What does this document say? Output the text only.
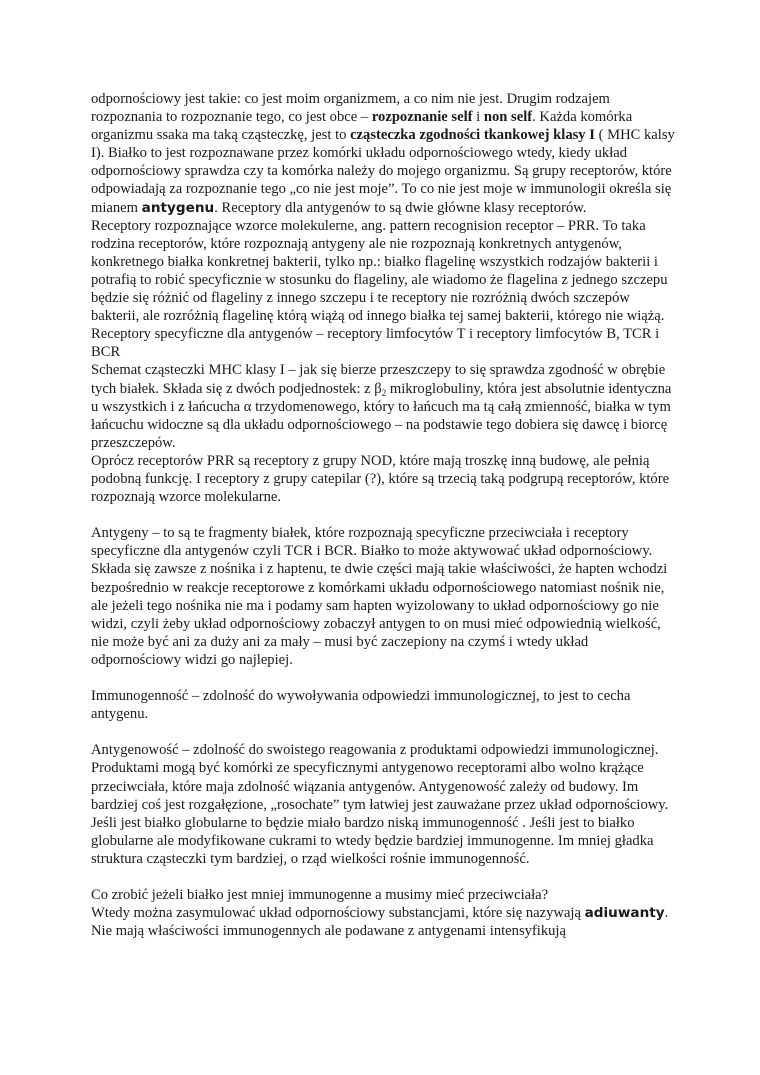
odpornościowy jest takie: co jest moim organizmem, a co nim nie jest. Drugim rodzajem rozpoznania to rozpoznanie tego, co jest obce – rozpoznanie self i non self. Każda komórka organizmu ssaka ma taką cząsteczkę, jest to cząsteczka zgodności tkankowej klasy I ( MHC kalsy I). Białko to jest rozpoznawane przez komórki układu odpornościowego wtedy, kiedy układ odpornościowy sprawdza czy ta komórka należy do mojego organizmu. Są grupy receptorów, które odpowiadają za rozpoznanie tego „co nie jest moje”. To co nie jest moje w immunologii określa się mianem antygenu. Receptory dla antygenów to są dwie główne klasy receptorów.
Receptory rozpoznające wzorce molekulerne, ang. pattern recognision receptor – PRR. To taka rodzina receptorów, które rozpoznają antygeny ale nie rozpoznają konkretnych antygenów, konkretnego białka konkretnej bakterii, tylko np.: białko flagelinę wszystkich rodzajów bakterii i potrafią to robić specyficznie w stosunku do flageliny, ale wiadomo że flagelina z jednego szczepu będzie się różnić od flageliny z innego szczepu i te receptory nie rozróżnią dwóch szczepów bakterii, ale rozróżnią flagelinę którą wiążą od innego białka tej samej bakterii, którego nie wiążą.
Receptory specyficzne dla antygenów – receptory limfocytów T i receptory limfocytów B, TCR i BCR
Schemat cząsteczki MHC klasy I – jak się bierze przeszczepy to się sprawdza zgodność w obrębie tych białek. Składa się z dwóch podjednostek: z $\beta_2$ mikroglobuliny, która jest absolutnie identyczna u wszystkich i z łańcucha α trzydomenowego, który to łańcuch ma tą całą zmienność, białka w tym łańcuchu widoczne są dla układu odpornościowego – na podstawie tego dobiera się dawcę i biorcę przeszczepów.
Oprócz receptorów PRR są receptory z grupy NOD, które mają troszkę inną budowę, ale pełnią podobną funkcję. I receptory z grupy catepilar (?), które są trzecią taką podgrupą receptorów, które rozpoznają wzorce molekularne.
Antygeny – to są te fragmenty białek, które rozpoznają specyficzne przeciwciała i receptory specyficzne dla antygenów czyli TCR i BCR. Białko to może aktywować układ odpornościowy. Składa się zawsze z nośnika i z haptenu, te dwie części mają takie właściwości, że hapten wchodzi bezpośrednio w reakcje receptorowe z komórkami układu odpornościowego natomiast nośnik nie, ale jeżeli tego nośnika nie ma i podamy sam hapten wyizolowany to układ odpornościowy go nie widzi, czyli żeby układ odpornościowy zobaczył antygen to on musi mieć odpowiednią wielkość, nie może być ani za duży ani za mały – musi być zaczepiony na czymś i wtedy układ odpornościowy widzi go najlepiej.
Immunogenność – zdolność do wywoływania odpowiedzi immunologicznej, to jest to cecha antygenu.
Antygenowość – zdolność do swoistego reagowania z produktami odpowiedzi immunologicznej. Produktami mogą być komórki ze specyficznymi antygenowo receptorami albo wolno krążące przeciwciała, które maja zdolność wiązania antygenów. Antygenowość zależy od budowy. Im bardziej coś jest rozgałęzione, „rosochate” tym łatwiej jest zauważane przez układ odpornościowy. Jeśli jest białko globularne to będzie miało bardzo niską immunogenność . Jeśli jest to białko globularne ale modyfikowane cukrami to wtedy będzie bardziej immunogenne. Im mniej gładka struktura cząsteczki tym bardziej, o rząd wielkości rośnie immunogenność.
Co zrobić jeżeli białko jest mniej immunogenne a musimy mieć przeciwciała?
Wtedy można zasymulować układ odpornościowy substancjami, które się nazywają adiuwanty. Nie mają właściwości immunogennych ale podawane z antygenami intensyfikują
